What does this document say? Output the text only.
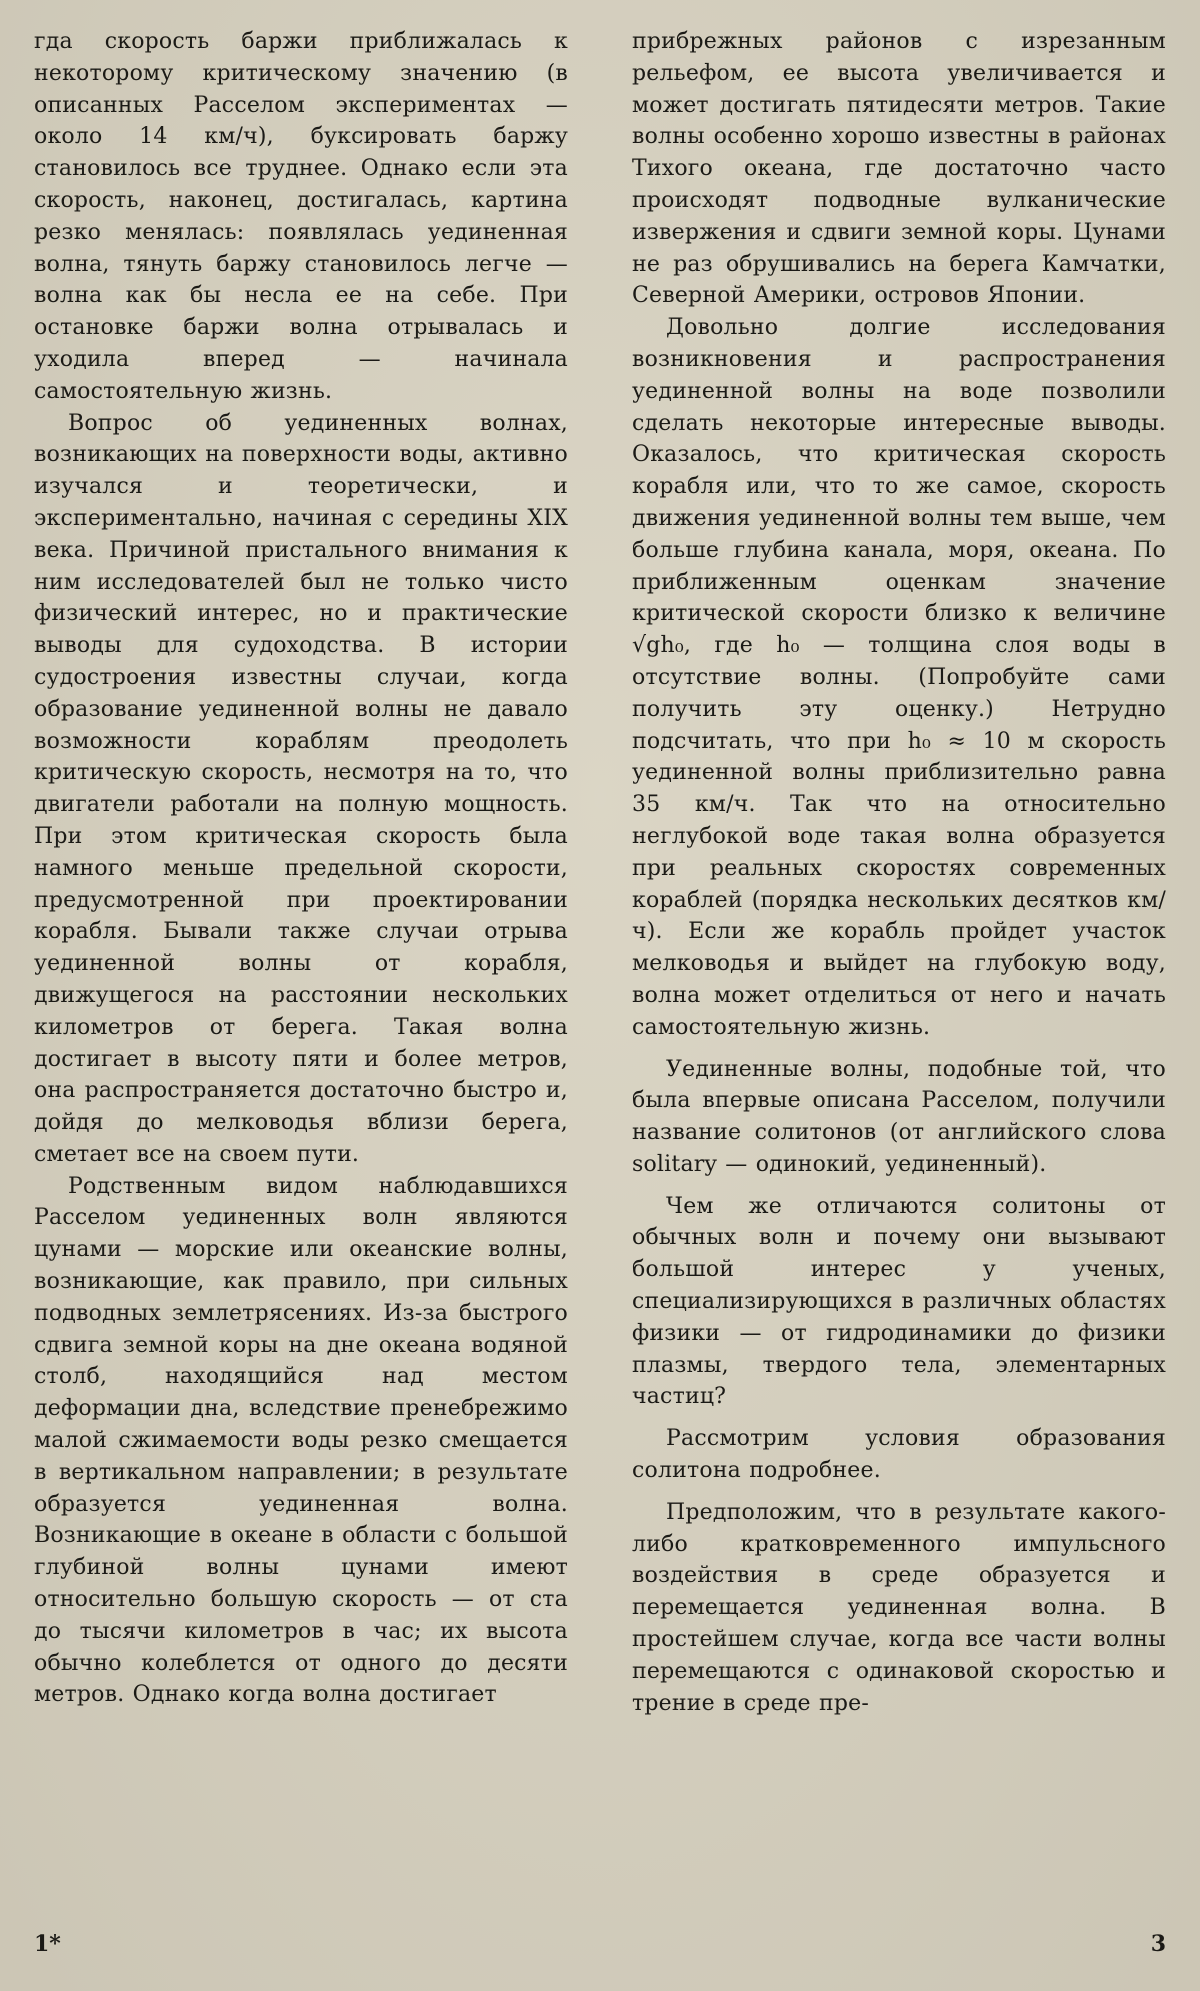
гда скорость баржи приближалась к некоторому критическому значению (в описанных Расселом экспериментах — около 14 км/ч), буксировать баржу становилось все труднее. Однако если эта скорость, наконец, достигалась, картина резко менялась: появлялась уединенная волна, тянуть баржу становилось легче — волна как бы несла ее на себе. При остановке баржи волна отрывалась и уходила вперед — начинала самостоятельную жизнь.

Вопрос об уединенных волнах, возникающих на поверхности воды, активно изучался и теоретически, и экспериментально, начиная с середины XIX века. Причиной пристального внимания к ним исследователей был не только чисто физический интерес, но и практические выводы для судоходства. В истории судостроения известны случаи, когда образование уединенной волны не давало возможности кораблям преодолеть критическую скорость, несмотря на то, что двигатели работали на полную мощность. При этом критическая скорость была намного меньше предельной скорости, предусмотренной при проектировании корабля. Бывали также случаи отрыва уединенной волны от корабля, движущегося на расстоянии нескольких километров от берега. Такая волна достигает в высоту пяти и более метров, она распространяется достаточно быстро и, дойдя до мелководья вблизи берега, сметает все на своем пути.

Родственным видом наблюдавшихся Расселом уединенных волн являются цунами — морские или океанские волны, возникающие, как правило, при сильных подводных землетрясениях. Из-за быстрого сдвига земной коры на дне океана водяной столб, находящийся над местом деформации дна, вследствие пренебрежимо малой сжимаемости воды резко смещается в вертикальном направлении; в результате образуется уединенная волна. Возникающие в океане в области с большой глубиной волны цунами имеют относительно большую скорость — от ста до тысячи километров в час; их высота обычно колеблется от одного до десяти метров. Однако когда волна достигает

прибрежных районов с изрезанным рельефом, ее высота увеличивается и может достигать пятидесяти метров. Такие волны особенно хорошо известны в районах Тихого океана, где достаточно часто происходят подводные вулканические извержения и сдвиги земной коры. Цунами не раз обрушивались на берега Камчатки, Северной Америки, островов Японии.

Довольно долгие исследования возникновения и распространения уединенной волны на воде позволили сделать некоторые интересные выводы. Оказалось, что критическая скорость корабля или, что то же самое, скорость движения уединенной волны тем выше, чем больше глубина канала, моря, океана. По приближенным оценкам значение критической скорости близко к величине √gh₀, где h₀ — толщина слоя воды в отсутствие волны. (Попробуйте сами получить эту оценку.) Нетрудно подсчитать, что при h₀ ≈ 10 м скорость уединенной волны приблизительно равна 35 км/ч. Так что на относительно неглубокой воде такая волна образуется при реальных скоростях современных кораблей (порядка нескольких десятков км/ч). Если же корабль пройдет участок мелководья и выйдет на глубокую воду, волна может отделиться от него и начать самостоятельную жизнь.

Уединенные волны, подобные той, что была впервые описана Расселом, получили название солитонов (от английского слова solitary — одинокий, уединенный).

Чем же отличаются солитоны от обычных волн и почему они вызывают большой интерес у ученых, специализирующихся в различных областях физики — от гидродинамики до физики плазмы, твердого тела, элементарных частиц?

Рассмотрим условия образования солитона подробнее.

Предположим, что в результате какого-либо кратковременного импульсного воздействия в среде образуется и перемещается уединенная волна. В простейшем случае, когда все части волны перемещаются с одинаковой скоростью и трение в среде пре-

1*	3
